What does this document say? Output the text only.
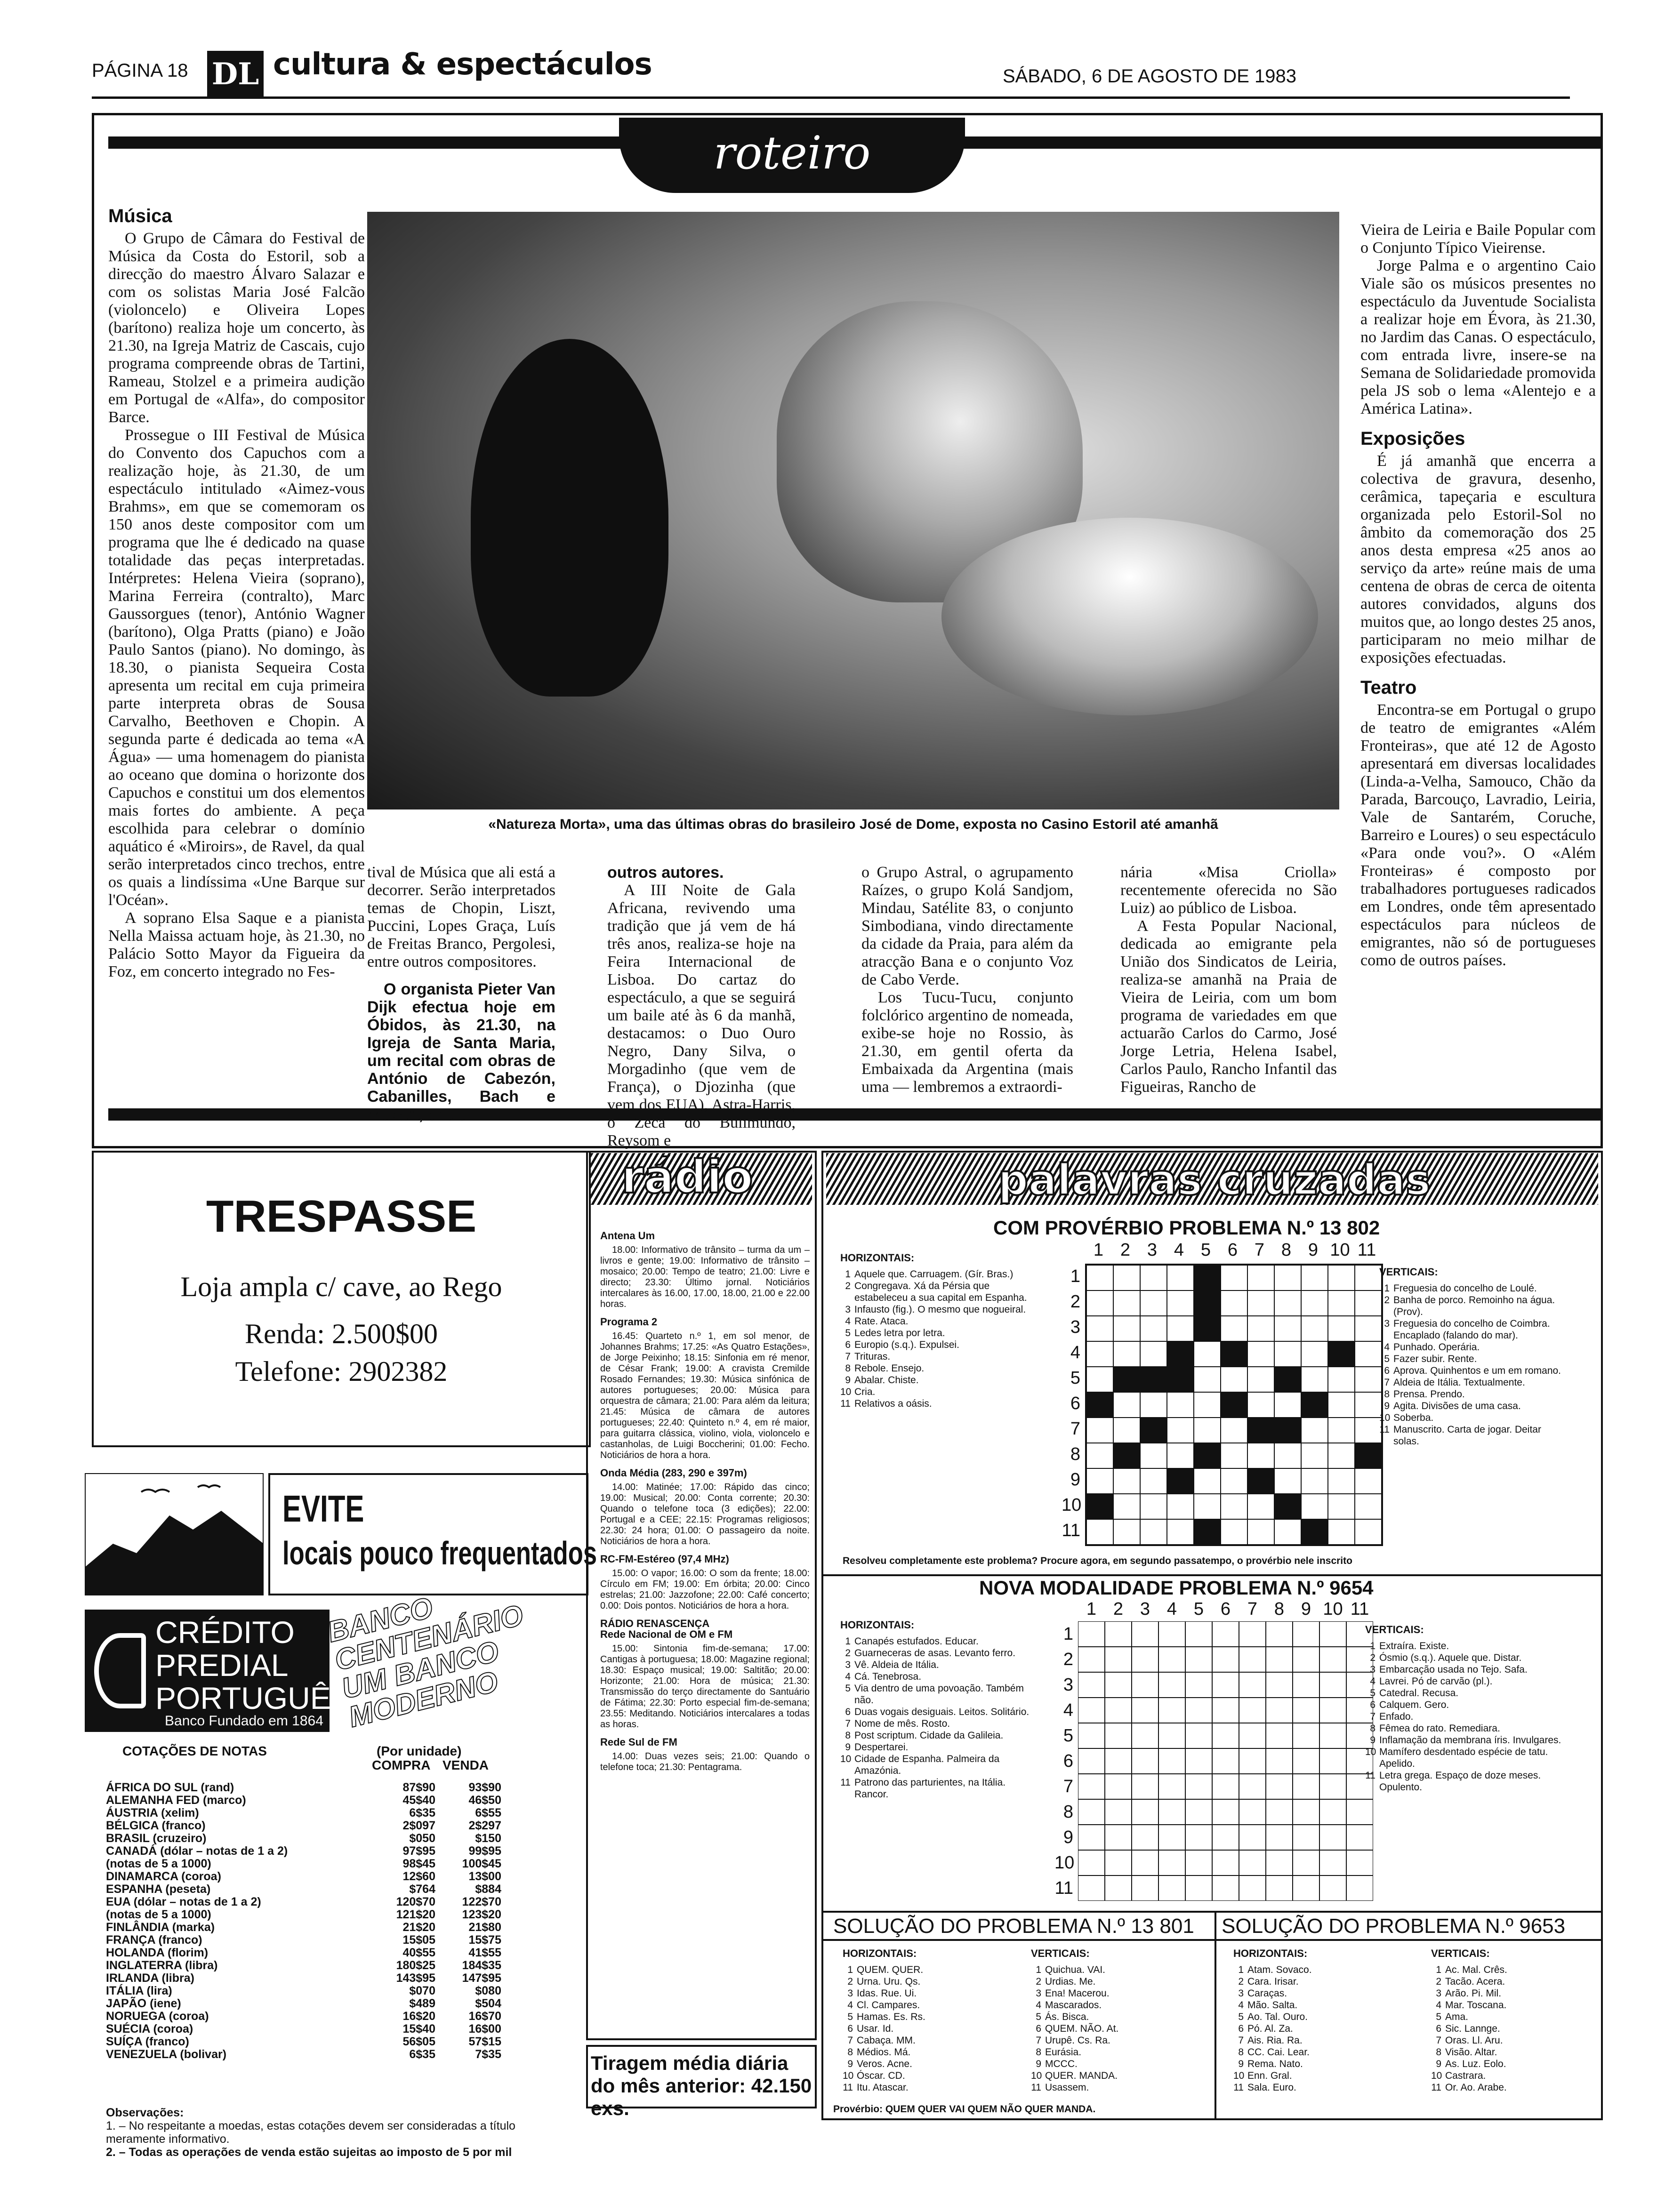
PÁGINA 18 DL cultura & espectáculos	SÁBADO, 6 DE AGOSTO DE 1983
roteiro
Música

O Grupo de Câmara do Festival de Música da Costa do Estoril, sob a direcção do maestro Álvaro Salazar e com os solistas Maria José Falcão (violoncelo) e Oliveira Lopes (barítono) realiza hoje um concerto, às 21.30, na Igreja Matriz de Cascais, cujo programa compreende obras de Tartini, Rameau, Stolzel e a primeira audição em Portugal de «Alfa», do compositor Barce.

Prossegue o III Festival de Música do Convento dos Capuchos com a realização hoje, às 21.30, de um espectáculo intitulado «Aimez-vous Brahms», em que se comemoram os 150 anos deste compositor com um programa que lhe é dedicado na quase totalidade das peças interpretadas. Intérpretes: Helena Vieira (soprano), Marina Ferreira (contralto), Marc Gaussorgues (tenor), António Wagner (barítono), Olga Pratts (piano) e João Paulo Santos (piano). No domingo, às 18.30, o pianista Sequeira Costa apresenta um recital em cuja primeira parte interpreta obras de Sousa Carvalho, Beethoven e Chopin. A segunda parte é dedicada ao tema «A Água» — uma homenagem do pianista ao oceano que domina o horizonte dos Capuchos e constitui um dos elementos mais fortes do ambiente. A peça escolhida para celebrar o domínio aquático é «Miroirs», de Ravel, da qual serão interpretados cinco trechos, entre os quais a lindíssima «Une Barque sur l'Océan».

A soprano Elsa Saque e a pianista Nella Maissa actuam hoje, às 21.30, no Palácio Sotto Mayor da Figueira da Foz, em concerto integrado no Fes-

«Natureza Morta», uma das últimas obras do brasileiro José de Dome, exposta no Casino Estoril até amanhã

tival de Música que ali está a decorrer. Serão interpretados temas de Chopin, Liszt, Puccini, Lopes Graça, Luís de Freitas Branco, Pergolesi, entre outros compositores.

O organista Pieter Van Dijk efectua hoje em Óbidos, às 21.30, na Igreja de Santa Maria, um recital com obras de António de Cabezón, Cabanilles, Bach e Mozart, entre

outros autores.

A III Noite de Gala Africana, revivendo uma tradição que já vem de há três anos, realiza-se hoje na Feira Internacional de Lisboa. Do cartaz do espectáculo, a que se seguirá um baile até às 6 da manhã, destacamos: o Duo Ouro Negro, Dany Silva, o Morgadinho (que vem de França), o Djozinha (que vem dos EUA), Astra-Harris, o Zeca do Bulimundo, Reysom e

o Grupo Astral, o agrupamento Raízes, o grupo Kolá Sandjom, Mindau, Satélite 83, o conjunto Simbodiana, vindo directamente da cidade da Praia, para além da atracção Bana e o conjunto Voz de Cabo Verde.

Los Tucu-Tucu, conjunto folclórico argentino de nomeada, exibe-se hoje no Rossio, às 21.30, em gentil oferta da Embaixada da Argentina (mais uma — lembremos a extraordi-

nária «Misa Criolla» recentemente oferecida no São Luiz) ao público de Lisboa.

A Festa Popular Nacional, dedicada ao emigrante pela União dos Sindicatos de Leiria, realiza-se amanhã na Praia de Vieira de Leiria, com um bom programa de variedades em que actuarão Carlos do Carmo, José Jorge Letria, Helena Isabel, Carlos Paulo, Rancho Infantil das Figueiras, Rancho de

Vieira de Leiria e Baile Popular com o Conjunto Típico Vieirense.

Jorge Palma e o argentino Caio Viale são os músicos presentes no espectáculo da Juventude Socialista a realizar hoje em Évora, às 21.30, no Jardim das Canas. O espectáculo, com entrada livre, insere-se na Semana de Solidariedade promovida pela JS sob o lema «Alentejo e a América Latina».

Exposições

É já amanhã que encerra a colectiva de gravura, desenho, cerâmica, tapeçaria e escultura organizada pelo Estoril-Sol no âmbito da comemoração dos 25 anos desta empresa «25 anos ao serviço da arte» reúne mais de uma centena de obras de cerca de oitenta autores convidados, alguns dos muitos que, ao longo destes 25 anos, participaram no meio milhar de exposições efectuadas.

Teatro

Encontra-se em Portugal o grupo de teatro de emigrantes «Além Fronteiras», que até 12 de Agosto apresentará em diversas localidades (Linda-a-Velha, Samouco, Chão da Parada, Barcouço, Lavradio, Leiria, Vale de Santarém, Coruche, Barreiro e Loures) o seu espectáculo «Para onde vou?». O «Além Fronteiras» é composto por trabalhadores portugueses radicados em Londres, onde têm apresentado espectáculos para núcleos de emigrantes, não só de portugueses como de outros países.

TRESPASSE
Loja ampla c/ cave, ao Rego
Renda: 2.500$00
Telefone: 2902382
EVITE
locais pouco frequentados
CRÉDITO
PREDIAL
PORTUGUÊS
Banco Fundado em 1864
BANCO CENTENÁRIO UM BANCO MODERNO
COTAÇÕES DE NOTAS	(Por unidade)
COMPRA VENDA
ÁFRICA DO SUL (rand)	87$90	93$90
ALEMANHA FED (marco)	45$40	46$50
ÁUSTRIA (xelim)	6$35	6$55
BÉLGICA (franco)	2$097	2$297
BRASIL (cruzeiro)	$050	$150
CANADÁ (dólar – notas de 1 a 2)	97$95	99$95
(notas de 5 a 1000)	98$45	100$45
DINAMARCA (coroa)	12$60	13$00
ESPANHA (peseta)	$764	$884
EUA (dólar – notas de 1 a 2)	120$70	122$70
(notas de 5 a 1000)	121$20	123$20
FINLÂNDIA (marka)	21$20	21$80
FRANÇA (franco)	15$05	15$75
HOLANDA (florim)	40$55	41$55
INGLATERRA (libra)	180$25	184$35
IRLANDA (libra)	143$95	147$95
ITÁLIA (lira)	$070	$080
JAPÃO (iene)	$489	$504
NORUEGA (coroa)	16$20	16$70
SUÉCIA (coroa)	15$40	16$00
SUÍÇA (franco)	56$05	57$15
VENEZUELA (bolivar)	6$35	7$35
Observações:
1. – No respeitante a moedas, estas cotações devem ser consideradas a título meramente informativo.
2. – Todas as operações de venda estão sujeitas ao imposto de 5 por mil
rádio
Antena Um

18.00: Informativo de trânsito – turma da um – livros e gente; 19.00: Informativo de trânsito – mosaico; 20.00: Tempo de teatro; 21.00: Livre e directo; 23.30: Último jornal. Noticiários intercalares às 16.00, 17.00, 18.00, 21.00 e 22.00 horas.

Programa 2

16.45: Quarteto n.º 1, em sol menor, de Johannes Brahms; 17.25: «As Quatro Estações», de Jorge Peixinho; 18.15: Sinfonia em ré menor, de César Frank; 19.00: A cravista Cremilde Rosado Fernandes; 19.30: Música sinfónica de autores portugueses; 20.00: Música para orquestra de câmara; 21.00: Para além da leitura; 21.45: Música de câmara de autores portugueses; 22.40: Quinteto n.º 4, em ré maior, para guitarra clássica, violino, viola, violoncelo e castanholas, de Luigi Boccherini; 01.00: Fecho. Noticiários de hora a hora.

Onda Média (283, 290 e 397m)

14.00: Matinée; 17.00: Rápido das cinco; 19.00: Musical; 20.00: Conta corrente; 20.30: Quando o telefone toca (3 edições); 22.00: Portugal e a CEE; 22.15: Programas religiosos; 22.30: 24 hora; 01.00: O passageiro da noite. Noticiários de hora a hora.

RC-FM-Estéreo (97,4 MHz)

15.00: O vapor; 16.00: O som da frente; 18.00: Círculo em FM; 19.00: Em órbita; 20.00: Cinco estrelas; 21.00: Jazzofone; 22.00: Café concerto; 0.00: Dois pontos. Noticiários de hora a hora.

RÁDIO RENASCENÇA
Rede Nacional de OM e FM

15.00: Sintonia fim-de-semana; 17.00: Cantigas à portuguesa; 18.00: Magazine regional; 18.30: Espaço musical; 19.00: Saltitão; 20.00: Horizonte; 21.00: Hora de música; 21.30: Transmissão do terço directamente do Santuário de Fátima; 22.30: Porto especial fim-de-semana; 23.55: Meditando. Noticiários intercalares a todas as horas.

Rede Sul de FM

14.00: Duas vezes seis; 21.00: Quando o telefone toca; 21.30: Pentagrama.

Tiragem média diária do mês anterior: 42.150 exs.
palavras cruzadas
COM PROVÉRBIO PROBLEMA N.º 13 802
1 2 3 4 5 6 7 8 9 10 11
1
2
3
4
5
6
7
8
9
10
11
HORIZONTAIS:
1 Aquele que. Carruagem. (Gír. Bras.)
2 Congregava. Xá da Pérsia que estabeleceu a sua capital em Espanha.
3 Infausto (fig.). O mesmo que nogueiral.
4 Rate. Ataca.
5 Ledes letra por letra.
6 Europio (s.q.). Expulsei.
7 Trituras.
8 Rebole. Ensejo.
9 Abalar. Chiste.
10 Cria.
11 Relativos a oásis.
VERTICAIS:
1 Freguesia do concelho de Loulé.
2 Banha de porco. Remoinho na água. (Prov).
3 Freguesia do concelho de Coimbra. Encaplado (falando do mar).
4 Punhado. Operária.
5 Fazer subir. Rente.
6 Aprova. Quinhentos e um em romano.
7 Aldeia de Itália. Textualmente.
8 Prensa. Prendo.
9 Agita. Divisões de uma casa.
10 Soberba.
11 Manuscrito. Carta de jogar. Deitar solas.
Resolveu completamente este problema? Procure agora, em segundo passatempo, o provérbio nele inscrito
NOVA MODALIDADE PROBLEMA N.º 9654
1 2 3 4 5 6 7 8 9 10 11
1
2
3
4
5
6
7
8
9
10
11
HORIZONTAIS:
1 Canapés estufados. Educar.
2 Guarneceras de asas. Levanto ferro.
3 Vê. Aldeia de Itália.
4 Cá. Tenebrosa.
5 Via dentro de uma povoação. Também não.
6 Duas vogais desiguais. Leitos. Solitário.
7 Nome de mês. Rosto.
8 Post scriptum. Cidade da Galileia.
9 Despertarei.
10 Cidade de Espanha. Palmeira da Amazónia.
11 Patrono das parturientes, na Itália. Rancor.
VERTICAIS:
1 Extraíra. Existe.
2 Ósmio (s.q.). Aquele que. Distar.
3 Embarcação usada no Tejo. Safa.
4 Lavrei. Pó de carvão (pl.).
5 Catedral. Recusa.
6 Calquem. Gero.
7 Enfado.
8 Fêmea do rato. Remediara.
9 Inflamação da membrana íris. Invulgares.
10 Mamífero desdentado espécie de tatu. Apelido.
11 Letra grega. Espaço de doze meses. Opulento.
SOLUÇÃO DO PROBLEMA N.º 13 801 SOLUÇÃO DO PROBLEMA N.º 9653
HORIZONTAIS:
1 QUEM. QUER.
2 Urna. Uru. Qs.
3 Idas. Rue. Ui.
4 Cl. Campares.
5 Hamas. Es. Rs.
6 Usar. Id.
7 Cabaça. MM.
8 Médios. Má.
9 Veros. Acne.
10 Óscar. CD.
11 Itu. Atascar.
VERTICAIS:
1 Quichua. VAI.
2 Urdias. Me.
3 Ena! Macerou.
4 Mascarados.
5 Ás. Bisca.
6 QUEM. NÃO. At.
7 Urupê. Cs. Ra.
8 Eurásia.
9 MCCC.
10 QUER. MANDA.
11 Usassem.
HORIZONTAIS:
1 Atam. Sovaco.
2 Cara. Irisar.
3 Caraças.
4 Mão. Salta.
5 Ao. Tal. Ouro.
6 Pó. Al. Za.
7 Ais. Ria. Ra.
8 CC. Cai. Lear.
9 Rema. Nato.
10 Enn. Gral.
11 Sala. Euro.
VERTICAIS:
1 Ac. Mal. Crês.
2 Tacão. Acera.
3 Arão. Pi. Mil.
4 Mar. Toscana.
5 Ama.
6 Sic. Lannge.
7 Oras. Ll. Aru.
8 Visão. Altar.
9 As. Luz. Eolo.
10 Castrara.
11 Or. Ao. Arabe.
Provérbio: QUEM QUER VAI QUEM NÃO QUER MANDA.
